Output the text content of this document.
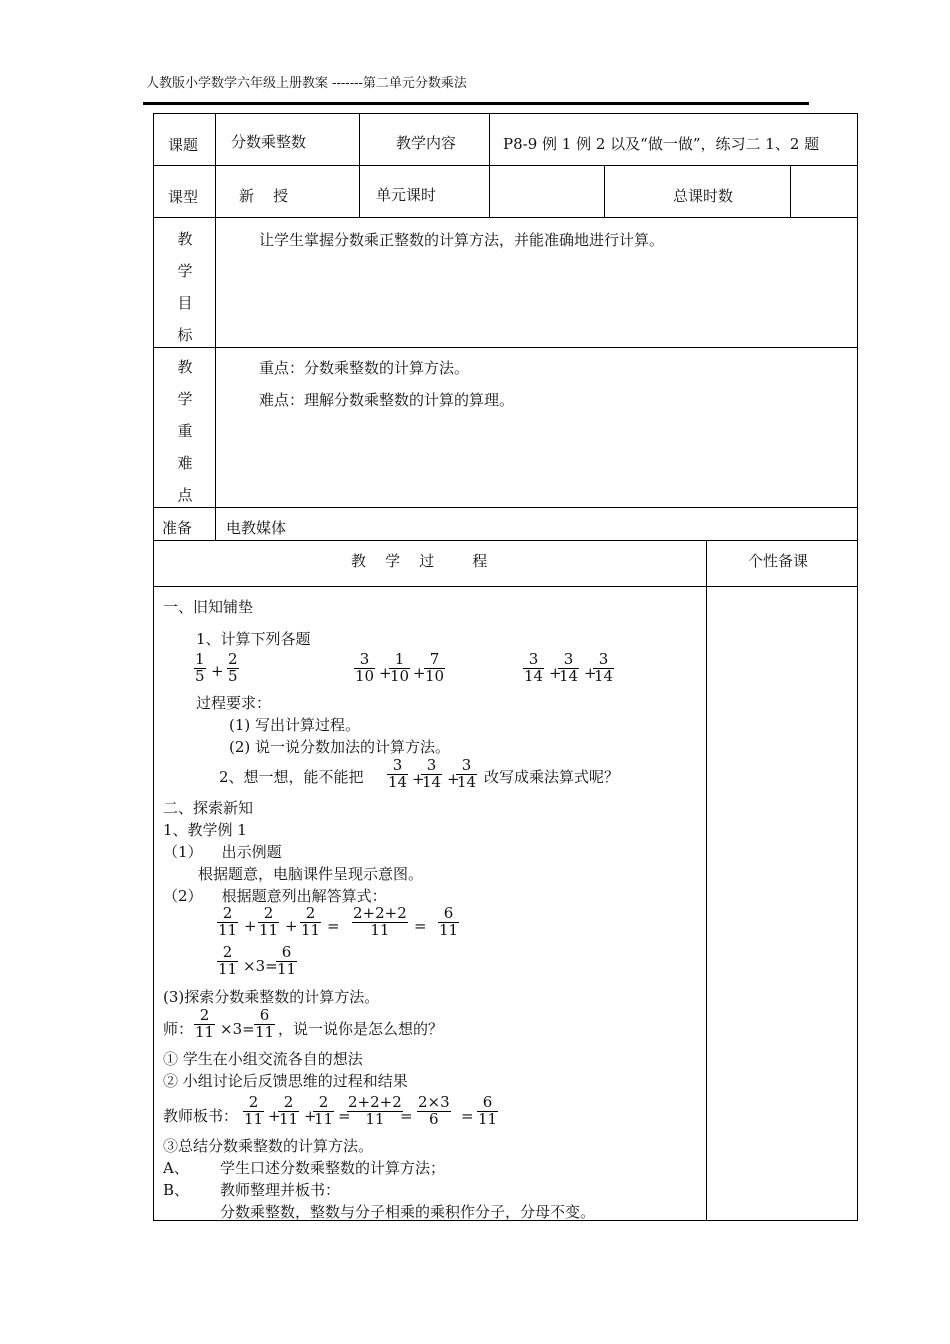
人教版小学数学六年级上册教案 -------第二单元分数乘法
课题 分数乘整数	教学内容	P8-9 例 1 例 2 以及“做一做”，练习二 1、2 题
课型	新    授	单元课时	总课时数
教
学
目
标
让学生掌握分数乘正整数的计算方法，并能准确地进行计算。
教
学
重
难
点
重点：分数乘整数的计算方法。
难点：理解分数乘整数的计算的算理。
准备 电教媒体
教    学    过        程	个性备课
一、旧知铺垫
1、计算下列各题
$\frac{1}{5} + \frac{2}{5}$	$\frac{3}{10}$ +
$\frac{1}{10}$ +
$\frac{7}{10}$	$\frac{3}{14}$ +
$\frac{3}{14}$ +
$\frac{3}{14}$
过程要求：
(1) 写出计算过程。
(2) 说一说分数加法的计算方法。
2、想一想，能不能把 $\frac{3}{14}$ +
$\frac{3}{14}$ +
$\frac{3}{14}$ 改写成乘法算式呢？
二、探索新知
1、教学例 1
（1）    出示例题
根据题意，电脑课件呈现示意图。
（2）    根据题意列出解答算式：
$\frac{2}{11} + \frac{2}{11} + \frac{2}{11} = \frac{2+2+2}{11} = \frac{6}{11}$
$\frac{2}{11} \times 3=$
$\frac{6}{11}$
(3)探索分数乘整数的计算方法。
师： $\frac{2}{11} \times 3= \frac{6}{11}$ ，说一说你是怎么想的？
① 学生在小组交流各自的想法
② 小组讨论后反馈思维的过程和结果
教师板书： $\frac{2}{11}$ +
$\frac{2}{11}$ +
$\frac{2}{11}$ =
$\frac{2+2+2}{11}$
= $\frac{2\times 3}{6} = \frac{6}{11}$
③总结分数乘整数的计算方法。
A、 学生口述分数乘整数的计算方法；
B、 教师整理并板书：
分数乘整数，整数与分子相乘的乘积作分子，分母不变。
